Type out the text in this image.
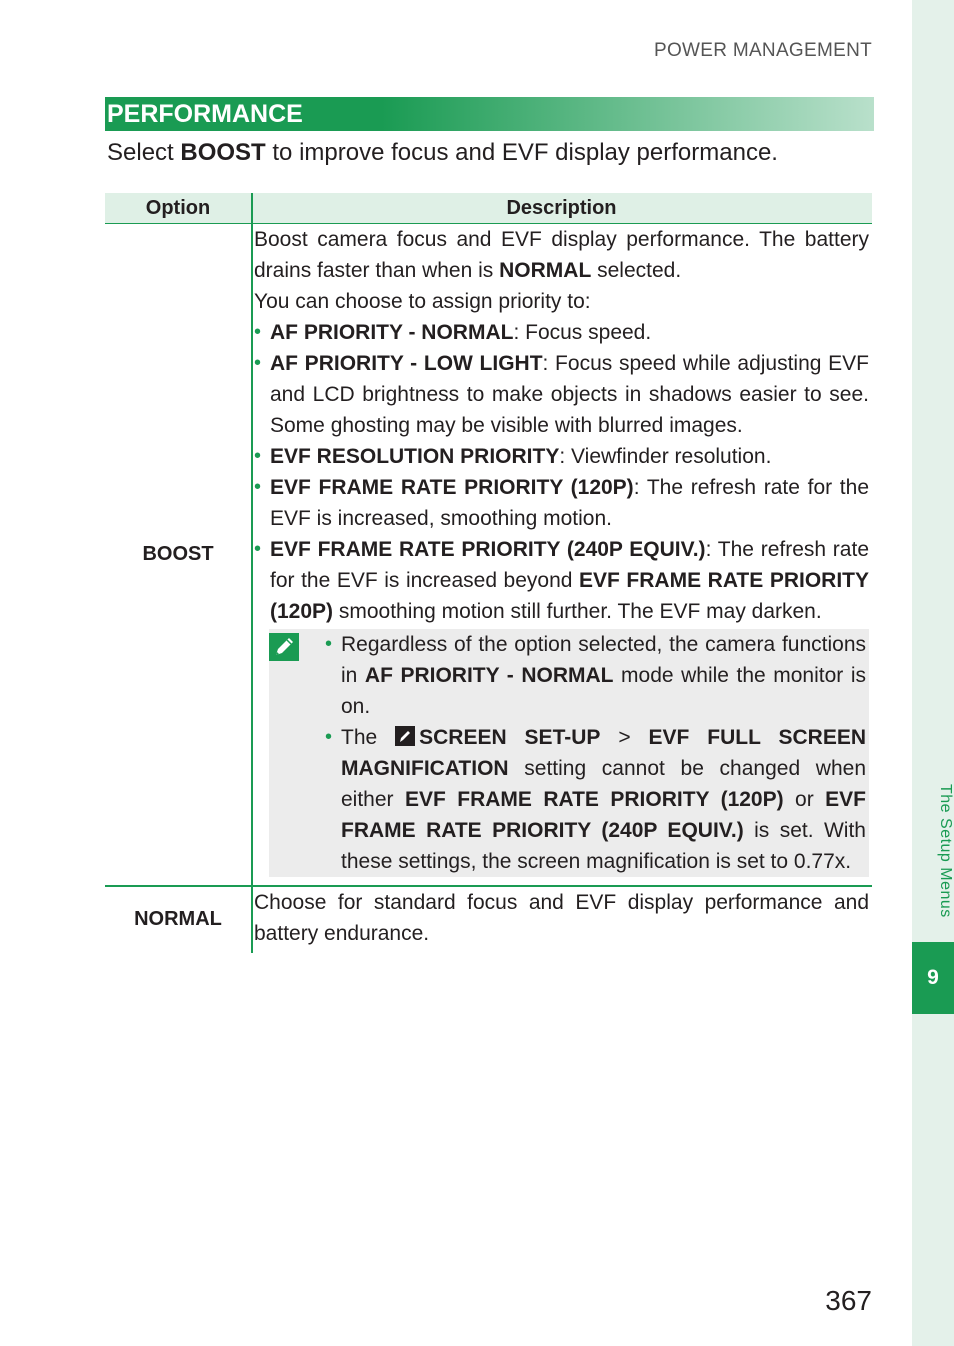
The Setup Menus
9
POWER MANAGEMENT
PERFORMANCE
Select BOOST to improve focus and EVF display performance.
Option	Description
BOOST

Boost camera focus and EVF display performance. The battery drains faster than when is NORMAL selected.

You can choose to assign priority to:

• AF PRIORITY - NORMAL: Focus speed.
• AF PRIORITY - LOW LIGHT: Focus speed while adjusting EVF and LCD brightness to make objects in shadows easier to see. Some ghosting may be visible with blurred images.
• EVF RESOLUTION PRIORITY: Viewfinder resolution.
• EVF FRAME RATE PRIORITY (120P): The refresh rate for the EVF is increased, smoothing motion.
• EVF FRAME RATE PRIORITY (240P EQUIV.): The refresh rate for the EVF is increased beyond EVF FRAME RATE PRIORITY (120P) smoothing motion still further. The EVF may darken.
• Regardless of the option selected, the camera functions in AF PRIORITY - NORMAL mode while the monitor is on.
• The SCREEN SET-UP > EVF FULL SCREEN MAGNIFICATION setting cannot be changed when either EVF FRAME RATE PRIORITY (120P) or EVF FRAME RATE PRIORITY (240P EQUIV.) is set. With these settings, the screen magnification is set to 0.77x.
NORMAL

Choose for standard focus and EVF display performance and battery endurance.

367
